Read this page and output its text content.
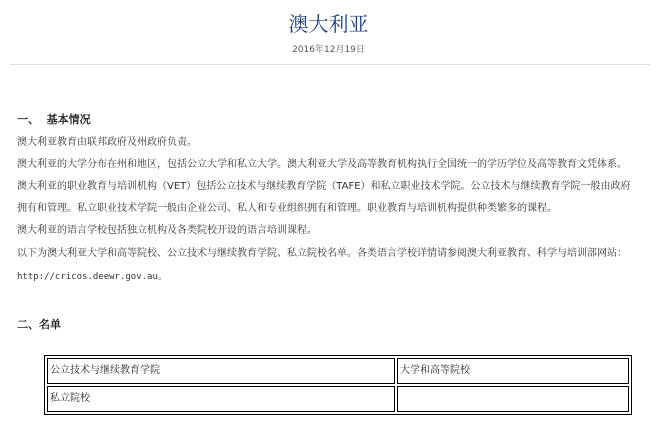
澳大利亚
2016年12月19日
一、  基本情况
澳大利亚教育由联邦政府及州政府负责。
澳大利亚的大学分布在州和地区，包括公立大学和私立大学。澳大利亚大学及高等教育机构执行全国统一的学历学位及高等教育文凭体系。
澳大利亚的职业教育与培训机构（VET）包括公立技术与继续教育学院（TAFE）和私立职业技术学院。公立技术与继续教育学院一般由政府
拥有和管理。私立职业技术学院一般由企业公司、私人和专业组织拥有和管理。职业教育与培训机构提供种类繁多的课程。
澳大利亚的语言学校包括独立机构及各类院校开设的语言培训课程。
以下为澳大利亚大学和高等院校、公立技术与继续教育学院、私立院校名单。各类语言学校详情请参阅澳大利亚教育、科学与培训部网站：
http://cricos.deewr.gov.au。
二、名单
公立技术与继续教育学院	大学和高等院校
私立院校	
